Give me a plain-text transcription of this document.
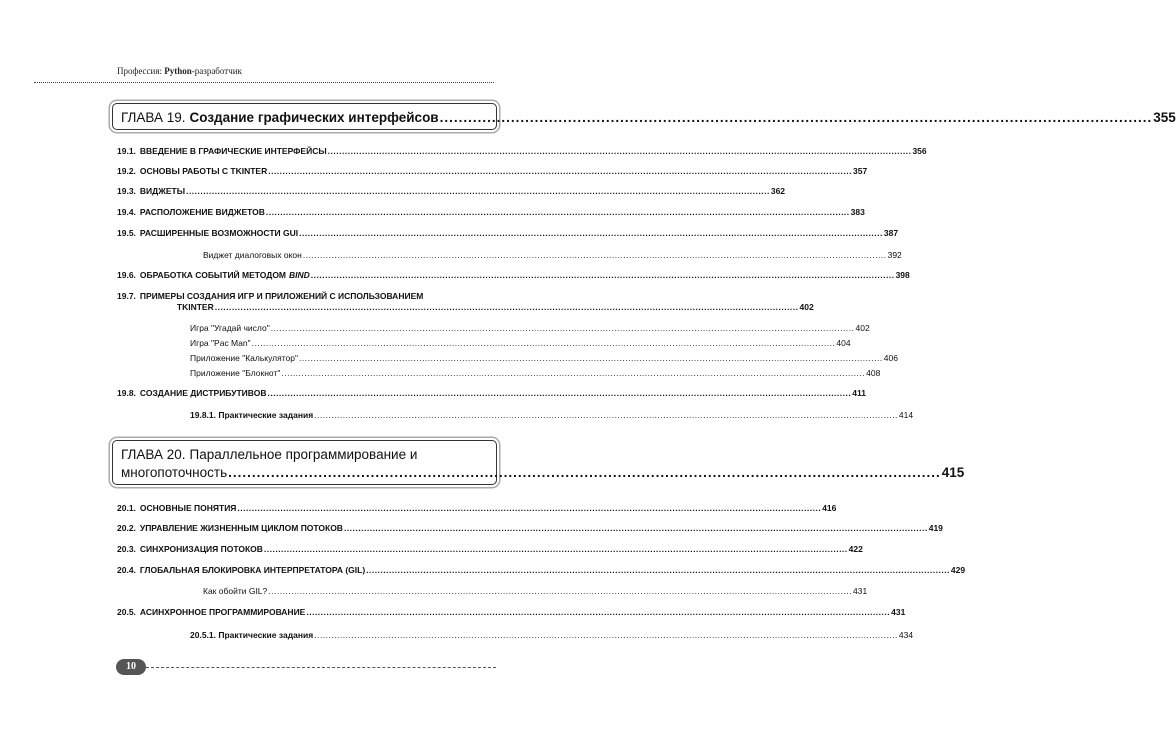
Профессия: Python-разработчик
ГЛАВА 19. Создание графических интерфейсов .....	355
19.1. ВВЕДЕНИЕ В ГРАФИЧЕСКИЕ ИНТЕРФЕЙСЫ .....	356
19.2. ОСНОВЫ РАБОТЫ С TKINTER .....	357
19.3. ВИДЖЕТЫ .....	362
19.4. РАСПОЛОЖЕНИЕ ВИДЖЕТОВ .....	383
19.5. РАСШИРЕННЫЕ ВОЗМОЖНОСТИ GUI .....	387
Виджет диалоговых окон .....	392
19.6. ОБРАБОТКА СОБЫТИЙ МЕТОДОМ BIND .....	398
19.7. ПРИМЕРЫ СОЗДАНИЯ ИГР И ПРИЛОЖЕНИЙ С ИСПОЛЬЗОВАНИЕМ
TKINTER .....	402
Игра "Угадай число" .....	402
Игра "Pac Man" .....	404
Приложение "Калькулятор" .....	406
Приложение "Блокнот" .....	408
19.8. СОЗДАНИЕ ДИСТРИБУТИВОВ .....	411
19.8.1. Практические задания .....	414
ГЛАВА 20. Параллельное программирование и
многопоточность .....	415
20.1. ОСНОВНЫЕ ПОНЯТИЯ .....	416
20.2. УПРАВЛЕНИЕ ЖИЗНЕННЫМ ЦИКЛОМ ПОТОКОВ .....	419
20.3. СИНХРОНИЗАЦИЯ ПОТОКОВ .....	422
20.4. ГЛОБАЛЬНАЯ БЛОКИРОВКА ИНТЕРПРЕТАТОРА (GIL) .....	429
Как обойти GIL? .....	431
20.5. АСИНХРОННОЕ ПРОГРАММИРОВАНИЕ .....	431
20.5.1. Практические задания .....	434
10
